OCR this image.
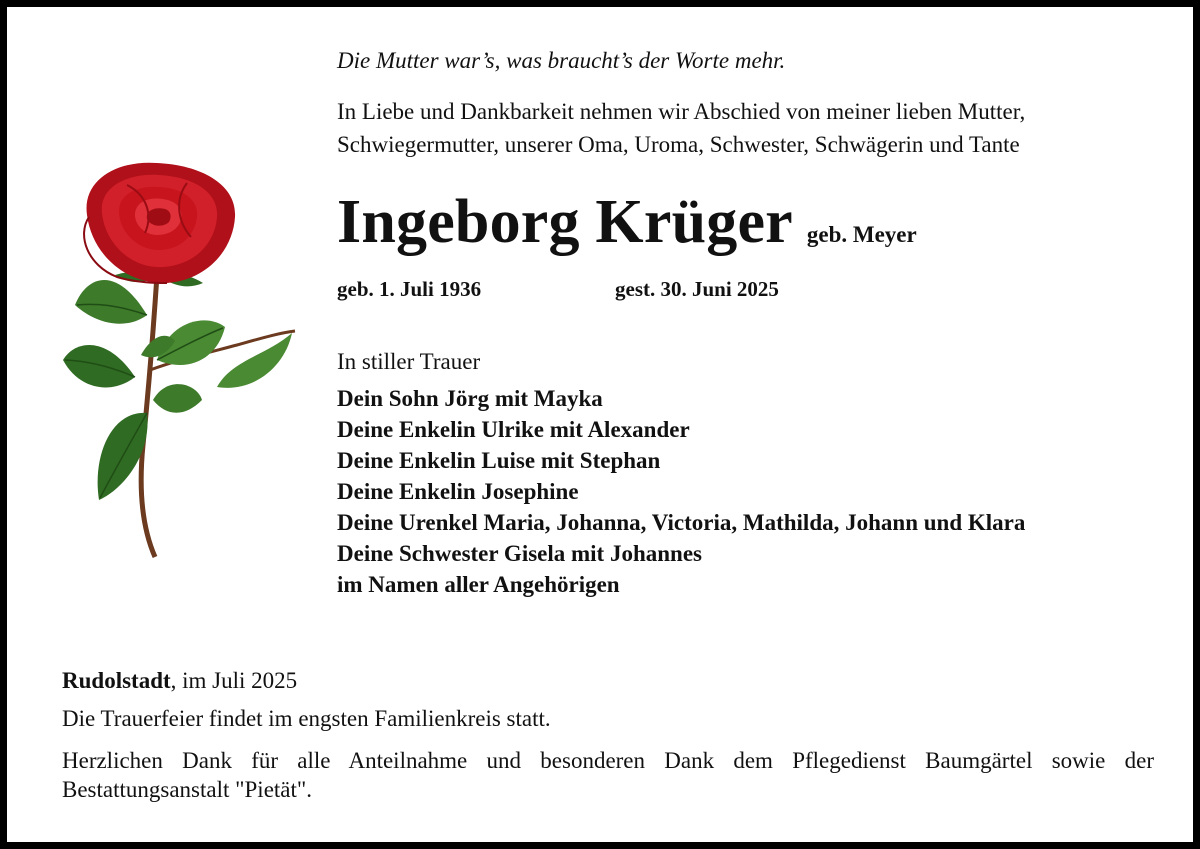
Die Mutter war’s, was braucht’s der Worte mehr.

In Liebe und Dankbarkeit nehmen wir Abschied von meiner lieben Mutter, Schwiegermutter, unserer Oma, Uroma, Schwester, Schwägerin und Tante

Ingeborg Krüger geb. Meyer
geb. 1. Juli 1936	gest. 30. Juni 2025
In stiller Trauer
Dein Sohn Jörg mit Mayka
Deine Enkelin Ulrike mit Alexander
Deine Enkelin Luise mit Stephan
Deine Enkelin Josephine
Deine Urenkel Maria, Johanna, Victoria, Mathilda, Johann und Klara
Deine Schwester Gisela mit Johannes
im Namen aller Angehörigen

Rudolstadt, im Juli 2025

Die Trauerfeier findet im engsten Familienkreis statt.

Herzlichen Dank für alle Anteilnahme und besonderen Dank dem Pflegedienst Baumgärtel sowie der Bestattungsanstalt "Pietät".
